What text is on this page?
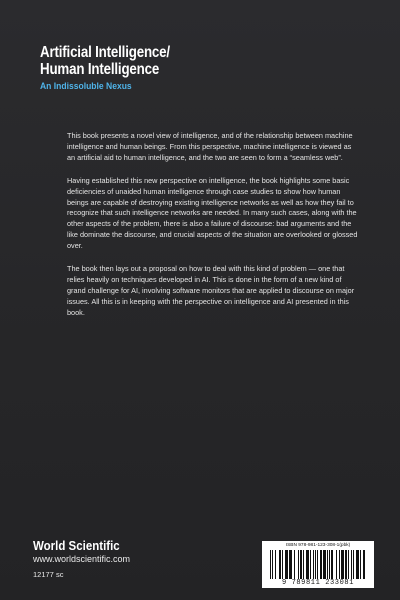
Artificial Intelligence/
Human Intelligence
An Indissoluble Nexus

This book presents a novel view of intelligence, and of the relationship between machine intelligence and human beings. From this perspective, machine intelligence is viewed as an artificial aid to human intelligence, and the two are seen to form a “seamless web”.

Having established this new perspective on intelligence, the book highlights some basic deficiencies of unaided human intelligence through case studies to show how human beings are capable of destroying existing intelligence networks as well as how they fail to recognize that such intelligence networks are needed. In many such cases, along with the other aspects of the problem, there is also a failure of discourse: bad arguments and the like dominate the discourse, and crucial aspects of the situation are overlooked or glossed over.

The book then lays out a proposal on how to deal with this kind of problem — one that relies heavily on techniques developed in AI. This is done in the form of a new kind of grand challenge for AI, involving software monitors that are applied to discourse on major issues. All this is in keeping with the perspective on intelligence and AI presented in this book.

World Scientific
www.worldscientific.com
12177 sc
ISBN 978-981-123-308-1(pbk)
9 789811 233081
